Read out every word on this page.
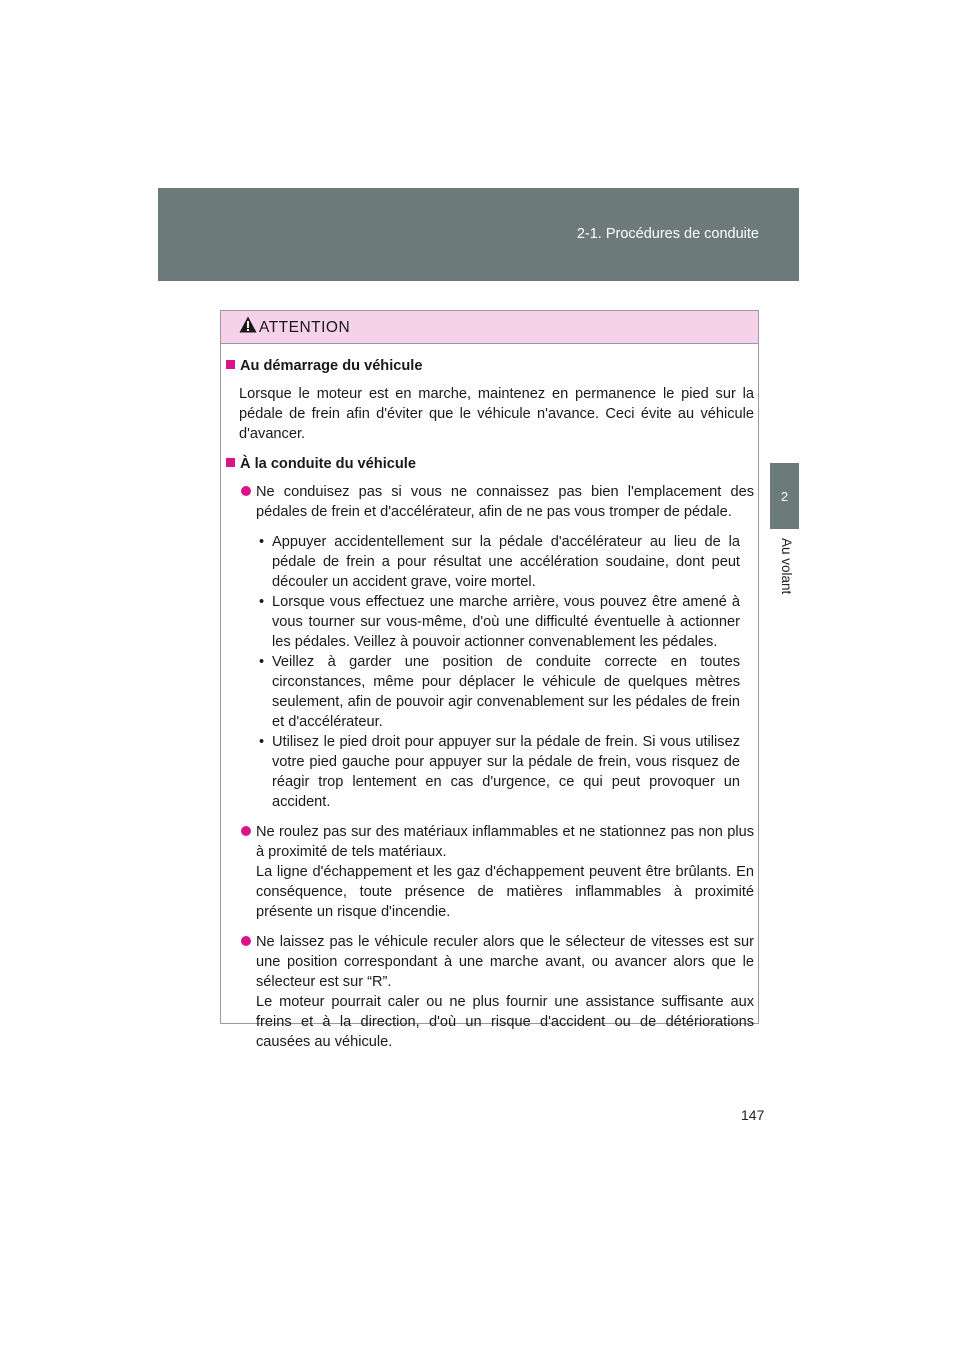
2-1. Procédures de conduite
2
Au volant
ATTENTION
Au démarrage du véhicule
Lorsque le moteur est en marche, maintenez en permanence le pied sur la pédale de frein afin d'éviter que le véhicule n'avance. Ceci évite au véhicule d'avancer.
À la conduite du véhicule
Ne conduisez pas si vous ne connaissez pas bien l'emplacement des pédales de frein et d'accélérateur, afin de ne pas vous tromper de pédale.
• Appuyer accidentellement sur la pédale d'accélérateur au lieu de la pédale de frein a pour résultat une accélération soudaine, dont peut découler un accident grave, voire mortel.
• Lorsque vous effectuez une marche arrière, vous pouvez être amené à vous tourner sur vous-même, d'où une difficulté éventuelle à actionner les pédales. Veillez à pouvoir actionner convenablement les pédales.
• Veillez à garder une position de conduite correcte en toutes circonstances, même pour déplacer le véhicule de quelques mètres seulement, afin de pouvoir agir convenablement sur les pédales de frein et d'accélérateur.
• Utilisez le pied droit pour appuyer sur la pédale de frein. Si vous utilisez votre pied gauche pour appuyer sur la pédale de frein, vous risquez de réagir trop lentement en cas d'urgence, ce qui peut provoquer un accident.
Ne roulez pas sur des matériaux inflammables et ne stationnez pas non plus à proximité de tels matériaux.
La ligne d'échappement et les gaz d'échappement peuvent être brûlants. En conséquence, toute présence de matières inflammables à proximité présente un risque d'incendie.
Ne laissez pas le véhicule reculer alors que le sélecteur de vitesses est sur une position correspondant à une marche avant, ou avancer alors que le sélecteur est sur “R”.
Le moteur pourrait caler ou ne plus fournir une assistance suffisante aux freins et à la direction, d'où un risque d'accident ou de détériorations causées au véhicule.
147
